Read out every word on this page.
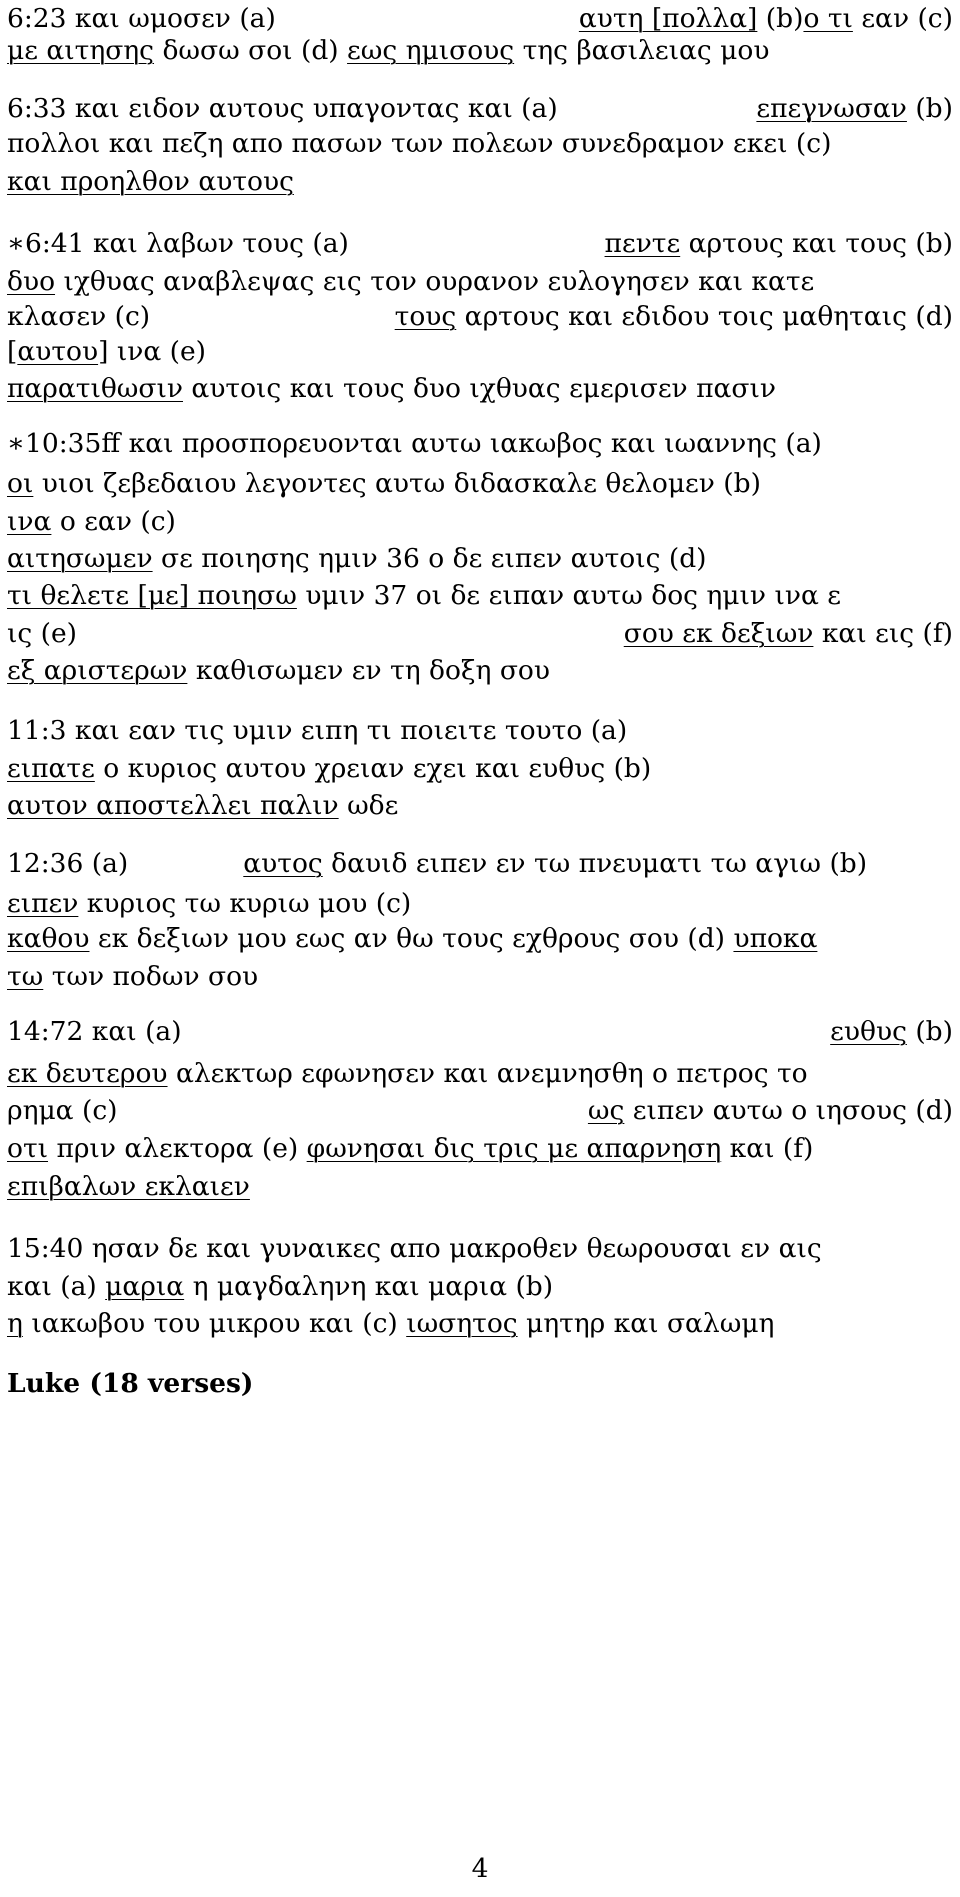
6:23 και ωμοσεν (a)	αυτη [πολλα] (b)ο τι εαν (c)
με αιτησης δωσω σοι (d) εως ημισους της βασιλειας μου
6:33 και ειδον αυτους υπαγοντας και (a)	επεγνωσαν (b)
πολλοι και πεζη απο πασων των πολεων συνεδραμον εκει (c)
και προηλθον αυτους
∗6:41 και λαβων τους (a)	πεντε αρτους και τους (b)
δυο ιχθυας αναβλεψας εις τον ουρανον ευλογησεν και κατε
κλασεν (c)	τους αρτους και εδιδου τοις μαθηταις (d)
[αυτου] ινα (e)
παρατιθωσιν αυτοις και τους δυο ιχθυας εμερισεν πασιν
∗10:35ff και προσπορευονται αυτω ιακωβος και ιωαννης (a)
οι υιοι ζεβεδαιου λεγοντες αυτω διδασκαλε θελομεν (b)
ινα ο εαν (c)
αιτησωμεν σε ποιησης ημιν 36 ο δε ειπεν αυτοις (d)
τι θελετε [με] ποιησω υμιν 37 οι δε ειπαν αυτω δος ημιν ινα ε
ις (e)	σου εκ δεξιων και εις (f)
εξ αριστερων καθισωμεν εν τη δοξη σου
11:3 και εαν τις υμιν ειπη τι ποιειτε τουτο (a)
ειπατε ο κυριος αυτου χρειαν εχει και ευθυς (b)
αυτον αποστελλει παλιν ωδε
12:36 (a)	αυτος δαυιδ ειπεν εν τω πνευματι τω αγιω (b)
ειπεν κυριος τω κυριω μου (c)
καθου εκ δεξιων μου εως αν θω τους εχθρους σου (d) υποκα
τω των ποδων σου
14:72 και (a)	ευθυς (b)
εκ δευτερου αλεκτωρ εφωνησεν και ανεμνησθη ο πετρος το
ρημα (c)	ως ειπεν αυτω ο ιησους (d)
οτι πριν αλεκτορα (e) φωνησαι δις τρις με απαρνηση και (f)
επιβαλων εκλαιεν
15:40 ησαν δε και γυναικες απο μακροθεν θεωρουσαι εν αις
και (a) μαρια η μαγδαληνη και μαρια (b)
η ιακωβου του μικρου και (c) ιωσητος μητηρ και σαλωμη
Luke (18 verses)
4
